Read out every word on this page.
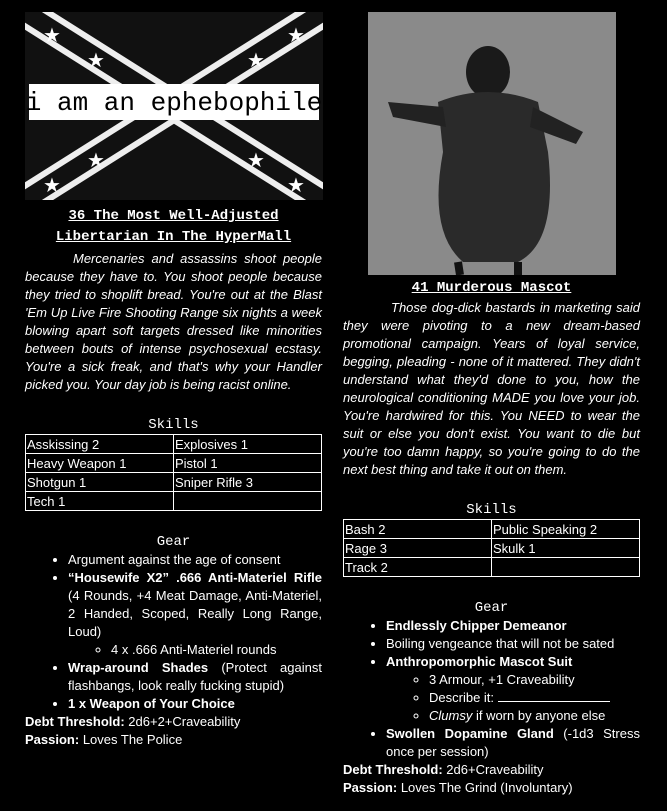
★
★
★
★
★
★
★
★
i am an ephebophile
36 The Most Well-Adjusted
Libertarian In The HyperMall

Mercenaries and assassins shoot people because they have to. You shoot people because they tried to shoplift bread. You're out at the Blast 'Em Up Live Fire Shooting Range six nights a week blowing apart soft targets dressed like minorities between bouts of intense psychosexual ecstasy. You're a sick freak, and that's why your Handler picked you. Your day job is being racist online.

Skills
Asskissing 2	Explosives 1
Heavy Weapon 1	Pistol 1
Shotgun 1	Sniper Rifle 3
Tech 1	
Gear
• Argument against the age of consent
• “Housewife X2” .666 Anti-Materiel Rifle (4 Rounds, +4 Meat Damage, Anti-Materiel, 2 Handed, Scoped, Really Long Range, Loud)
◦ 4 x .666 Anti-Materiel rounds
• Wrap-around Shades (Protect against flashbangs, look really fucking stupid)
• 1 x Weapon of Your Choice
Debt Threshold: 2d6+2+Craveability
Passion: Loves The Police
41 Murderous Mascot

Those dog-dick bastards in marketing said they were pivoting to a new dream-based promotional campaign. Years of loyal service, begging, pleading - none of it mattered. They didn't understand what they'd done to you, how the neurological conditioning MADE you love your job. You're hardwired for this. You NEED to wear the suit or else you don't exist. You want to die but you're too damn happy, so you're going to do the next best thing and take it out on them.

Skills
Bash 2	Public Speaking 2
Rage 3	Skulk 1
Track 2	
Gear
• Endlessly Chipper Demeanor
• Boiling vengeance that will not be sated
• Anthropomorphic Mascot Suit
◦ 3 Armour, +1 Craveability
◦ Describe it:
◦ Clumsy if worn by anyone else
• Swollen Dopamine Gland (-1d3 Stress once per session)
Debt Threshold: 2d6+Craveability
Passion: Loves The Grind (Involuntary)
